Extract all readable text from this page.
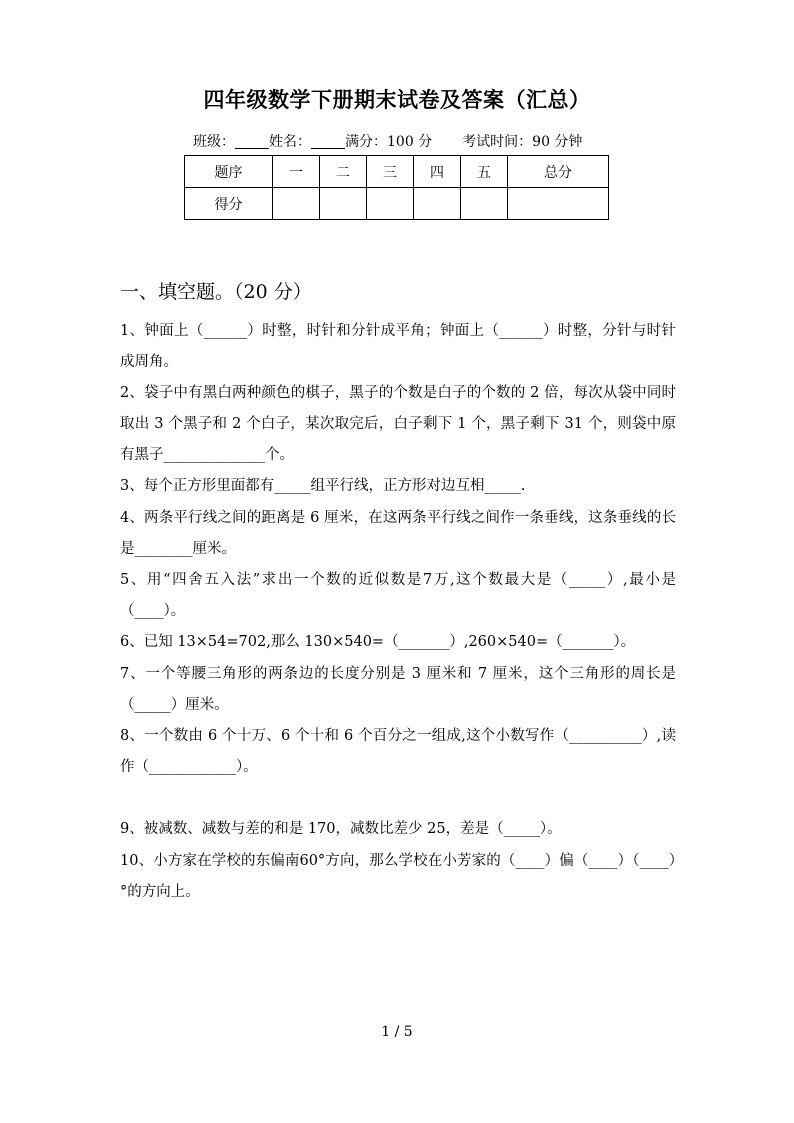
四年级数学下册期末试卷及答案（汇总）
班级： 姓名： 满分：100 分 考试时间：90 分钟
题序	一	二	三	四	五	总分
得分						
一、填空题。（20 分）
1、钟面上（______）时整，时针和分针成平角；钟面上（______）时整，分针与时针成周角。
2、袋子中有黑白两种颜色的棋子，黑子的个数是白子的个数的 2 倍，每次从袋中同时取出 3 个黑子和 2 个白子，某次取完后，白子剩下 1 个，黑子剩下 31 个，则袋中原有黑子______________个。
3、每个正方形里面都有_____组平行线，正方形对边互相_____.
4、两条平行线之间的距离是 6 厘米，在这两条平行线之间作一条垂线，这条垂线的长是________厘米。
5、用“四舍五入法”求出一个数的近似数是7万,这个数最大是（_____）,最小是（____）。
6、已知 13×54=702,那么 130×540=（_______）,260×540=（_______）。
7、一个等腰三角形的两条边的长度分别是 3 厘米和 7 厘米，这个三角形的周长是（_____）厘米。
8、一个数由 6 个十万、6 个十和 6 个百分之一组成,这个小数写作（__________）,读作（____________）。
9、被减数、减数与差的和是 170，减数比差少 25，差是（_____）。
10、小方家在学校的东偏南60°方向，那么学校在小芳家的（____）偏（____）（____）°的方向上。
1 / 5
